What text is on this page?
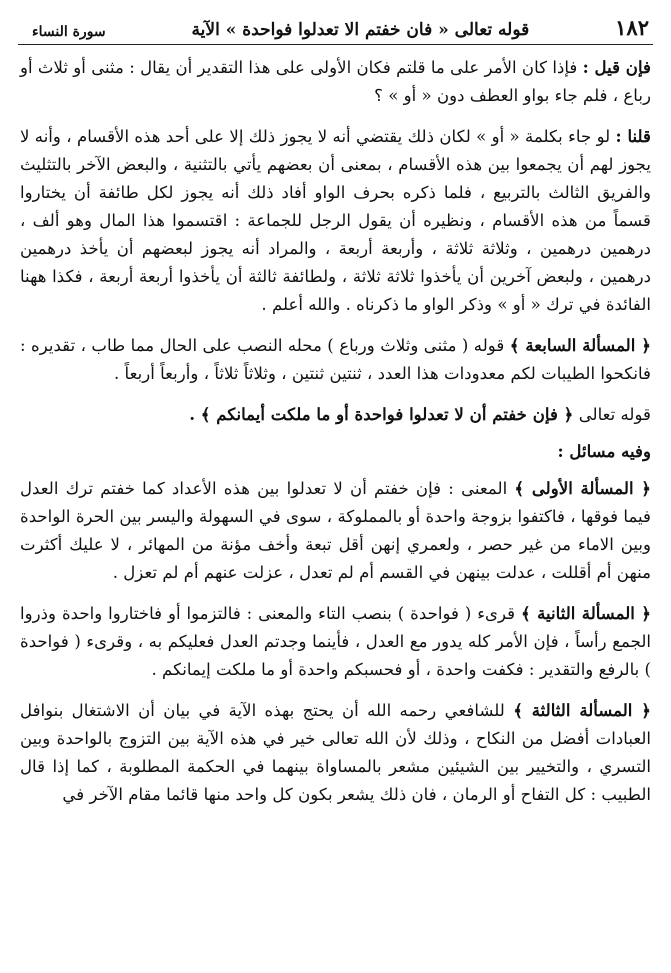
١٨٢
قوله تعالى « فان خفتم الا تعدلوا فواحدة » الآية
سورة النساء

فإن قيل : فإذا كان الأمر على ما قلتم فكان الأولى على هذا التقدير أن يقال : مثنى أو ثلاث أو رباع ، فلم جاء بواو العطف دون « أو » ؟

قلنا : لو جاء بكلمة « أو » لكان ذلك يقتضي أنه لا يجوز ذلك إلا على أحد هذه الأقسام ، وأنه لا يجوز لهم أن يجمعوا بين هذه الأقسام ، بمعنى أن بعضهم يأتي بالتثنية ، والبعض الآخر بالتثليث والفريق الثالث بالتربيع ، فلما ذكره بحرف الواو أفاد ذلك أنه يجوز لكل طائفة أن يختاروا قسماً من هذه الأقسام ، ونظيره أن يقول الرجل للجماعة : اقتسموا هذا المال وهو ألف ، درهمين درهمين ، وثلاثة ثلاثة ، وأربعة أربعة ، والمراد أنه يجوز لبعضهم أن يأخذ درهمين درهمين ، ولبعض آخرين أن يأخذوا ثلاثة ثلاثة ، ولطائفة ثالثة أن يأخذوا أربعة أربعة ، فكذا ههنا الفائدة في ترك « أو » وذكر الواو ما ذكرناه . والله أعلم .

﴿ المسألة السابعة ﴾ قوله ( مثنى وثلاث ورباع ) محله النصب على الحال مما طاب ، تقديره : فانكحوا الطيبات لكم معدودات هذا العدد ، ثنتين ثنتين ، وثلاثاً ثلاثاً ، وأربعاً أربعاً .

قوله تعالى ﴿ فإن خفتم أن لا تعدلوا فواحدة أو ما ملكت أيمانكم ﴾ .

وفيه مسائل :

﴿ المسألة الأولى ﴾ المعنى : فإن خفتم أن لا تعدلوا بين هذه الأعداد كما خفتم ترك العدل فيما فوقها ، فاكتفوا بزوجة واحدة أو بالمملوكة ، سوى في السهولة واليسر بين الحرة الواحدة وبين الاماء من غير حصر ، ولعمري إنهن أقل تبعة وأخف مؤنة من المهائر ، لا عليك أكثرت منهن أم أقللت ، عدلت بينهن في القسم أم لم تعدل ، عزلت عنهم أم لم تعزل .

﴿ المسألة الثانية ﴾ قرىء ( فواحدة ) بنصب التاء والمعنى : فالتزموا أو فاختاروا واحدة وذروا الجمع رأساً ، فإن الأمر كله يدور مع العدل ، فأينما وجدتم العدل فعليكم به ، وقرىء ( فواحدة ) بالرفع والتقدير : فكفت واحدة ، أو فحسبكم واحدة أو ما ملكت إيمانكم .

﴿ المسألة الثالثة ﴾ للشافعي رحمه الله أن يحتج بهذه الآية في بيان أن الاشتغال بنوافل العبادات أفضل من النكاح ، وذلك لأن الله تعالى خير في هذه الآية بين التزوج بالواحدة وبين التسري ، والتخيير بين الشيئين مشعر بالمساواة بينهما في الحكمة المطلوبة ، كما إذا قال الطبيب : كل التفاح أو الرمان ، فان ذلك يشعر بكون كل واحد منها قائما مقام الآخر في
